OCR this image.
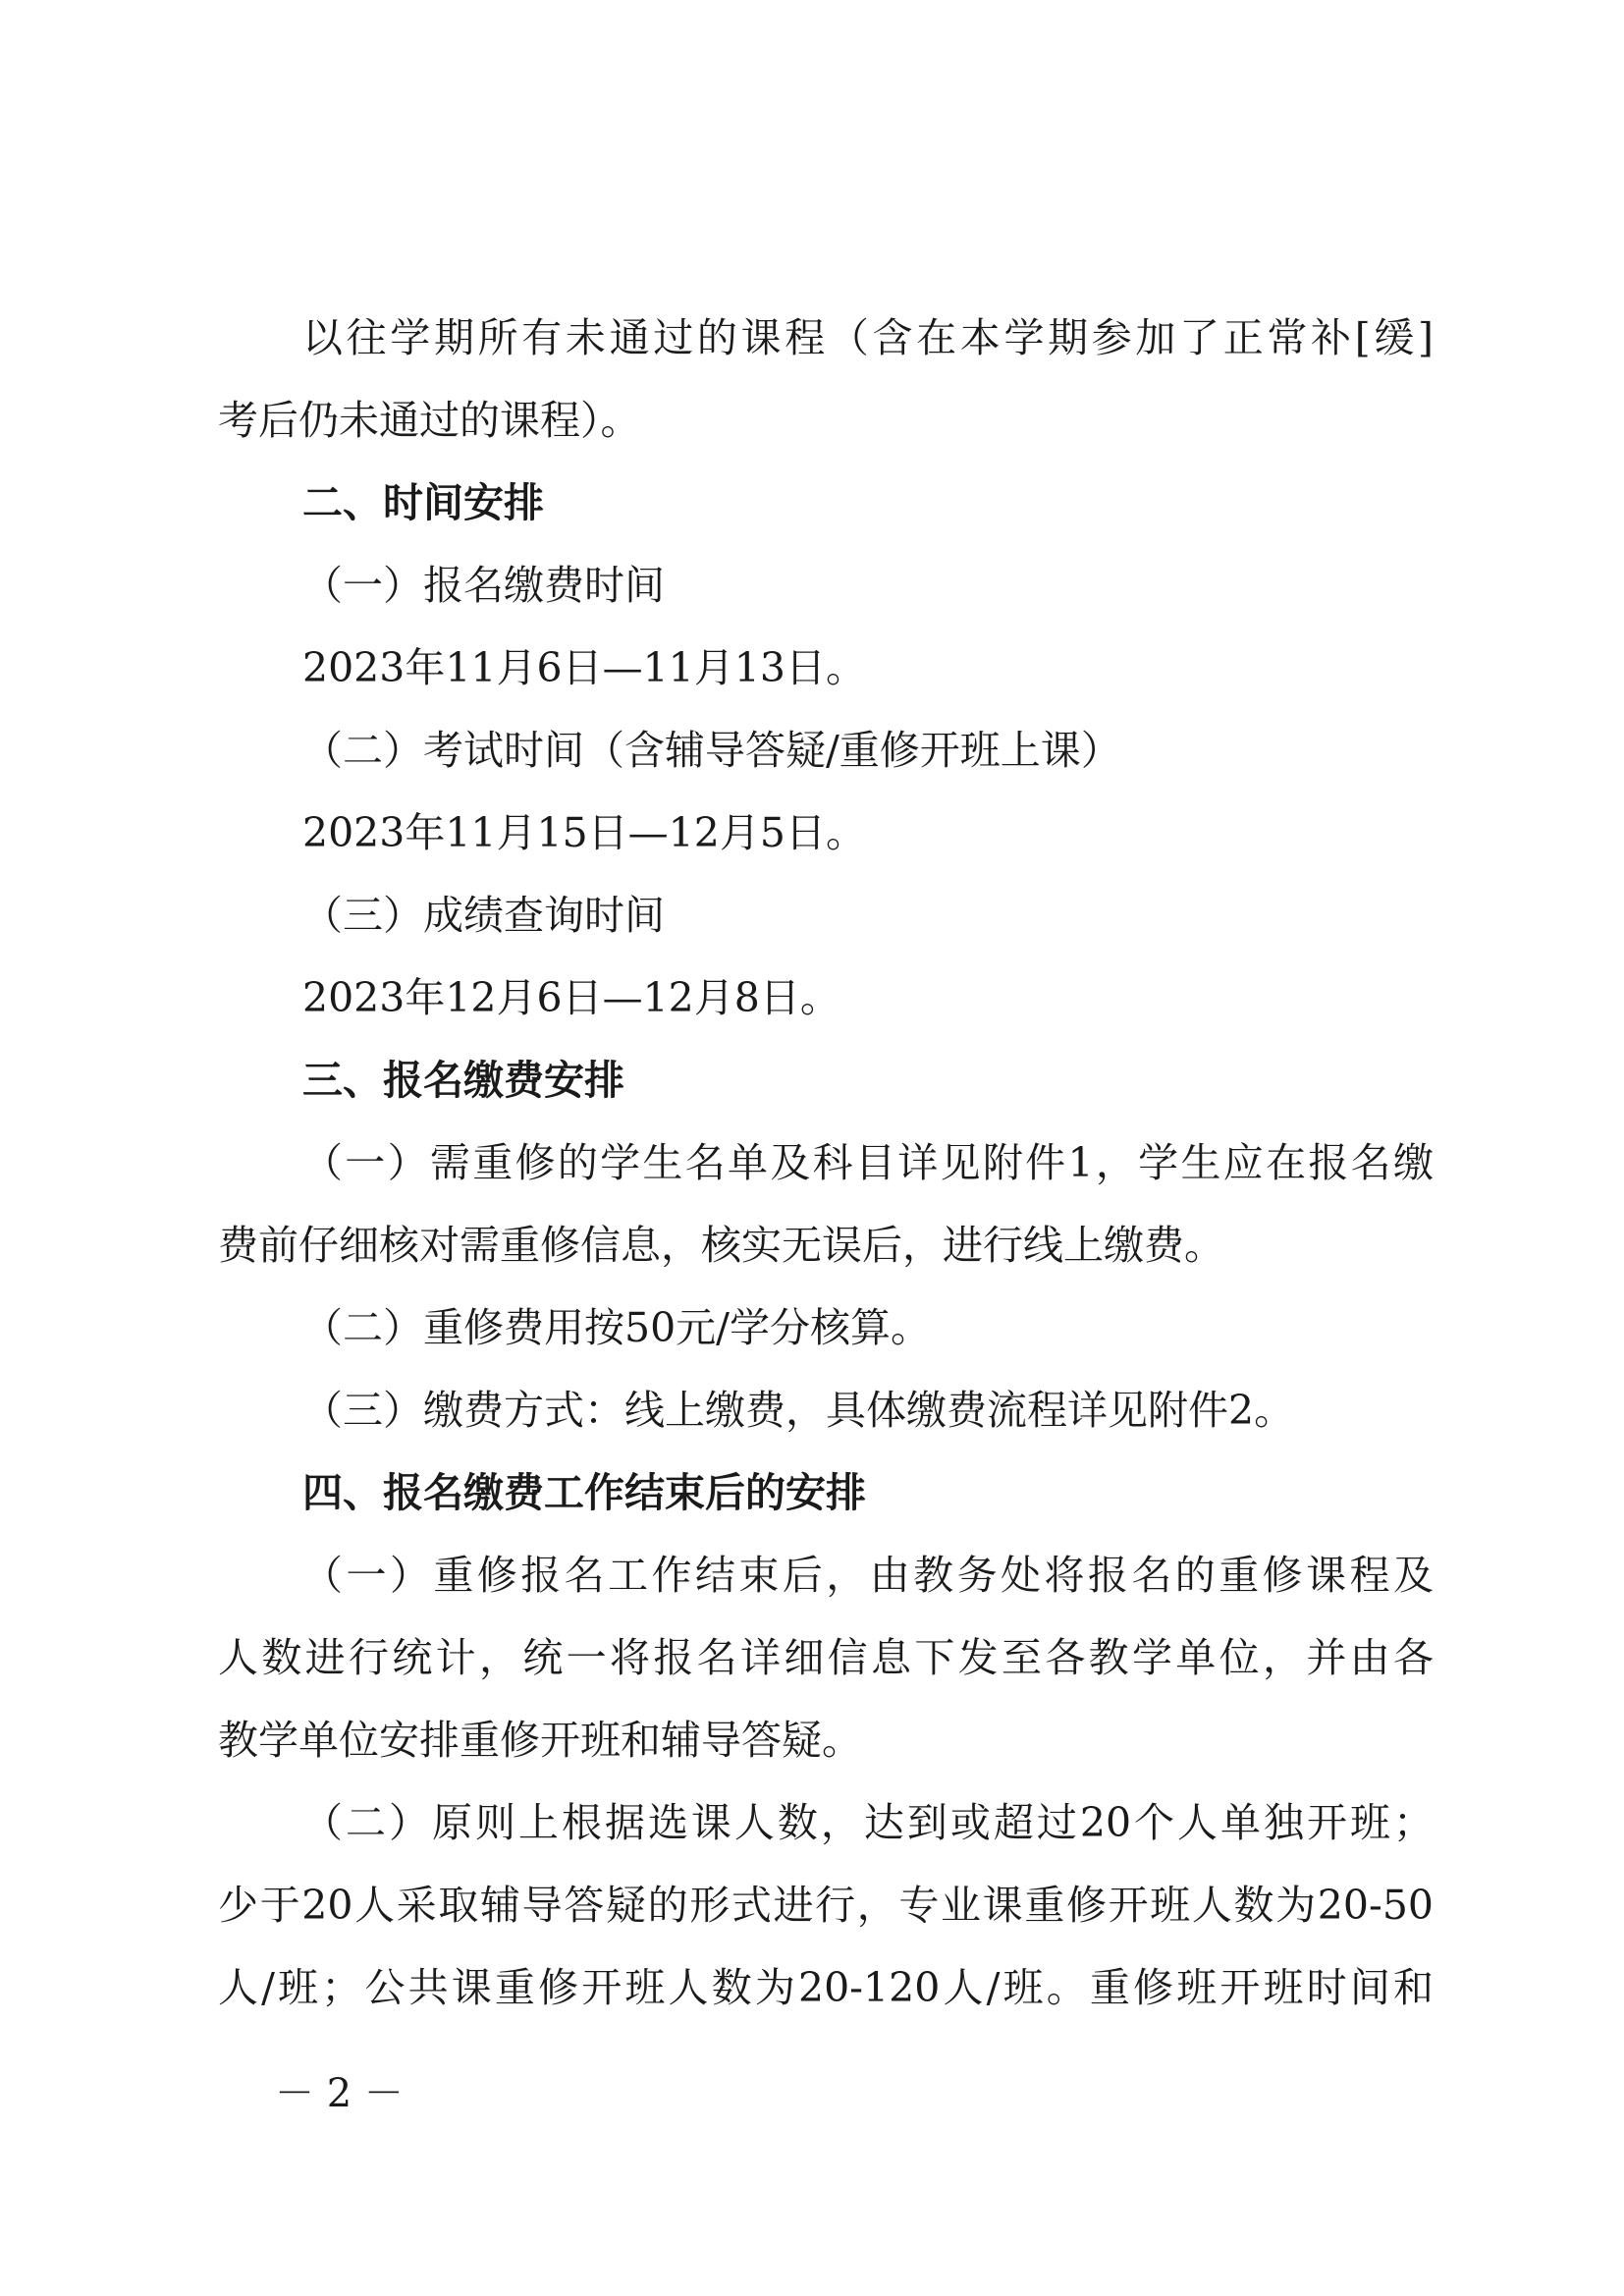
以往学期所有未通过的课程（含在本学期参加了正常补[缓]

考后仍未通过的课程）。

二、时间安排

（一）报名缴费时间

2023年11月6日—11月13日。

（二）考试时间（含辅导答疑/重修开班上课）

2023年11月15日—12月5日。

（三）成绩查询时间

2023年12月6日—12月8日。

三、报名缴费安排

（一）需重修的学生名单及科目详见附件1，学生应在报名缴

费前仔细核对需重修信息，核实无误后，进行线上缴费。

（二）重修费用按50元/学分核算。

（三）缴费方式：线上缴费，具体缴费流程详见附件2。

四、报名缴费工作结束后的安排

（一）重修报名工作结束后，由教务处将报名的重修课程及

人数进行统计，统一将报名详细信息下发至各教学单位，并由各

教学单位安排重修开班和辅导答疑。

（二）原则上根据选课人数，达到或超过20个人单独开班；

少于20人采取辅导答疑的形式进行，专业课重修开班人数为20-50

人/班；公共课重修开班人数为20-120人/班。重修班开班时间和

－ 2 －
